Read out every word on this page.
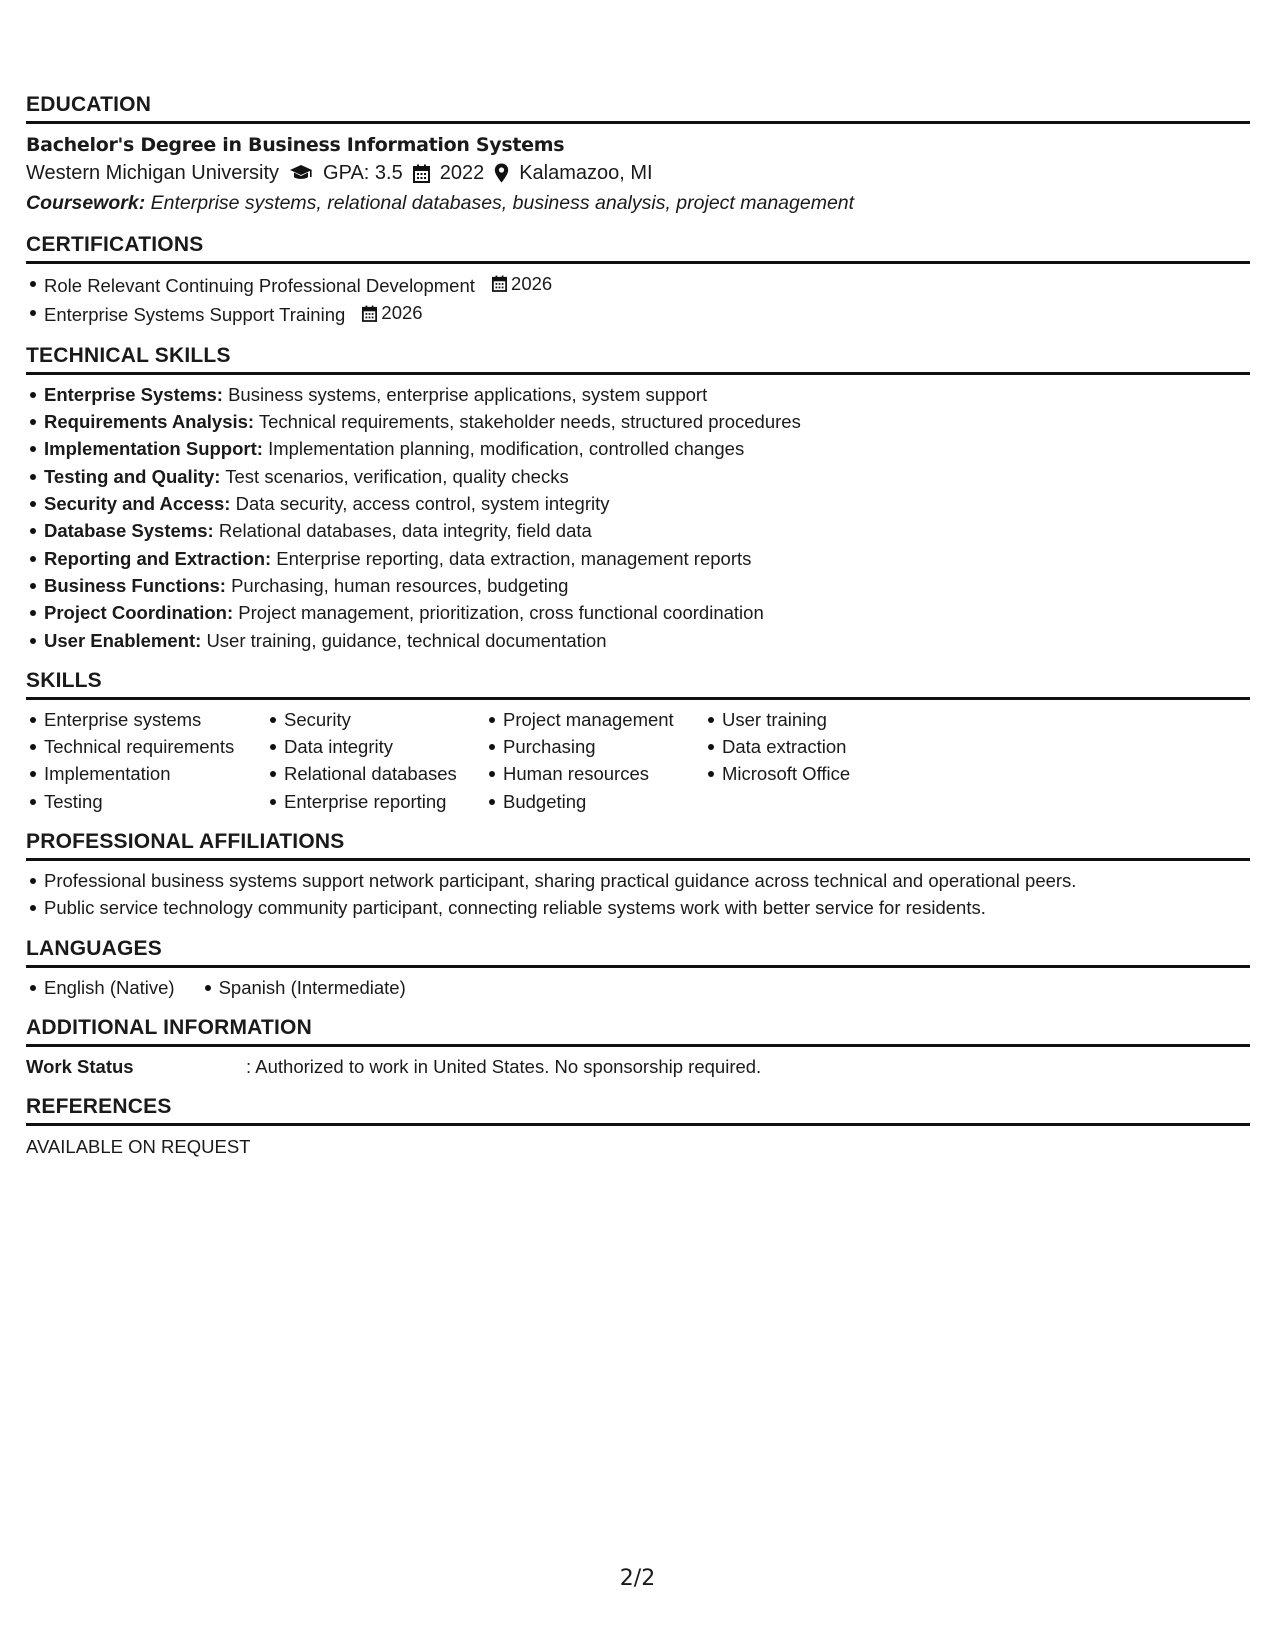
EDUCATION
Bachelor's Degree in Business Information Systems
Western Michigan University GPA: 3.5 2022 Kalamazoo, MI
Coursework: Enterprise systems, relational databases, business analysis, project management
CERTIFICATIONS
Role Relevant Continuing Professional Development 2026
Enterprise Systems Support Training 2026
TECHNICAL SKILLS
Enterprise Systems: Business systems, enterprise applications, system support
Requirements Analysis: Technical requirements, stakeholder needs, structured procedures
Implementation Support: Implementation planning, modification, controlled changes
Testing and Quality: Test scenarios, verification, quality checks
Security and Access: Data security, access control, system integrity
Database Systems: Relational databases, data integrity, field data
Reporting and Extraction: Enterprise reporting, data extraction, management reports
Business Functions: Purchasing, human resources, budgeting
Project Coordination: Project management, prioritization, cross functional coordination
User Enablement: User training, guidance, technical documentation
SKILLS
Enterprise systems
Technical requirements
Implementation
Testing
Security
Data integrity
Relational databases
Enterprise reporting
Project management
Purchasing
Human resources
Budgeting
User training
Data extraction
Microsoft Office
PROFESSIONAL AFFILIATIONS
Professional business systems support network participant, sharing practical guidance across technical and operational peers.
Public service technology community participant, connecting reliable systems work with better service for residents.
LANGUAGES
English (Native) Spanish (Intermediate)
ADDITIONAL INFORMATION
Work Status	: Authorized to work in United States. No sponsorship required.
REFERENCES
AVAILABLE ON REQUEST
2/2
